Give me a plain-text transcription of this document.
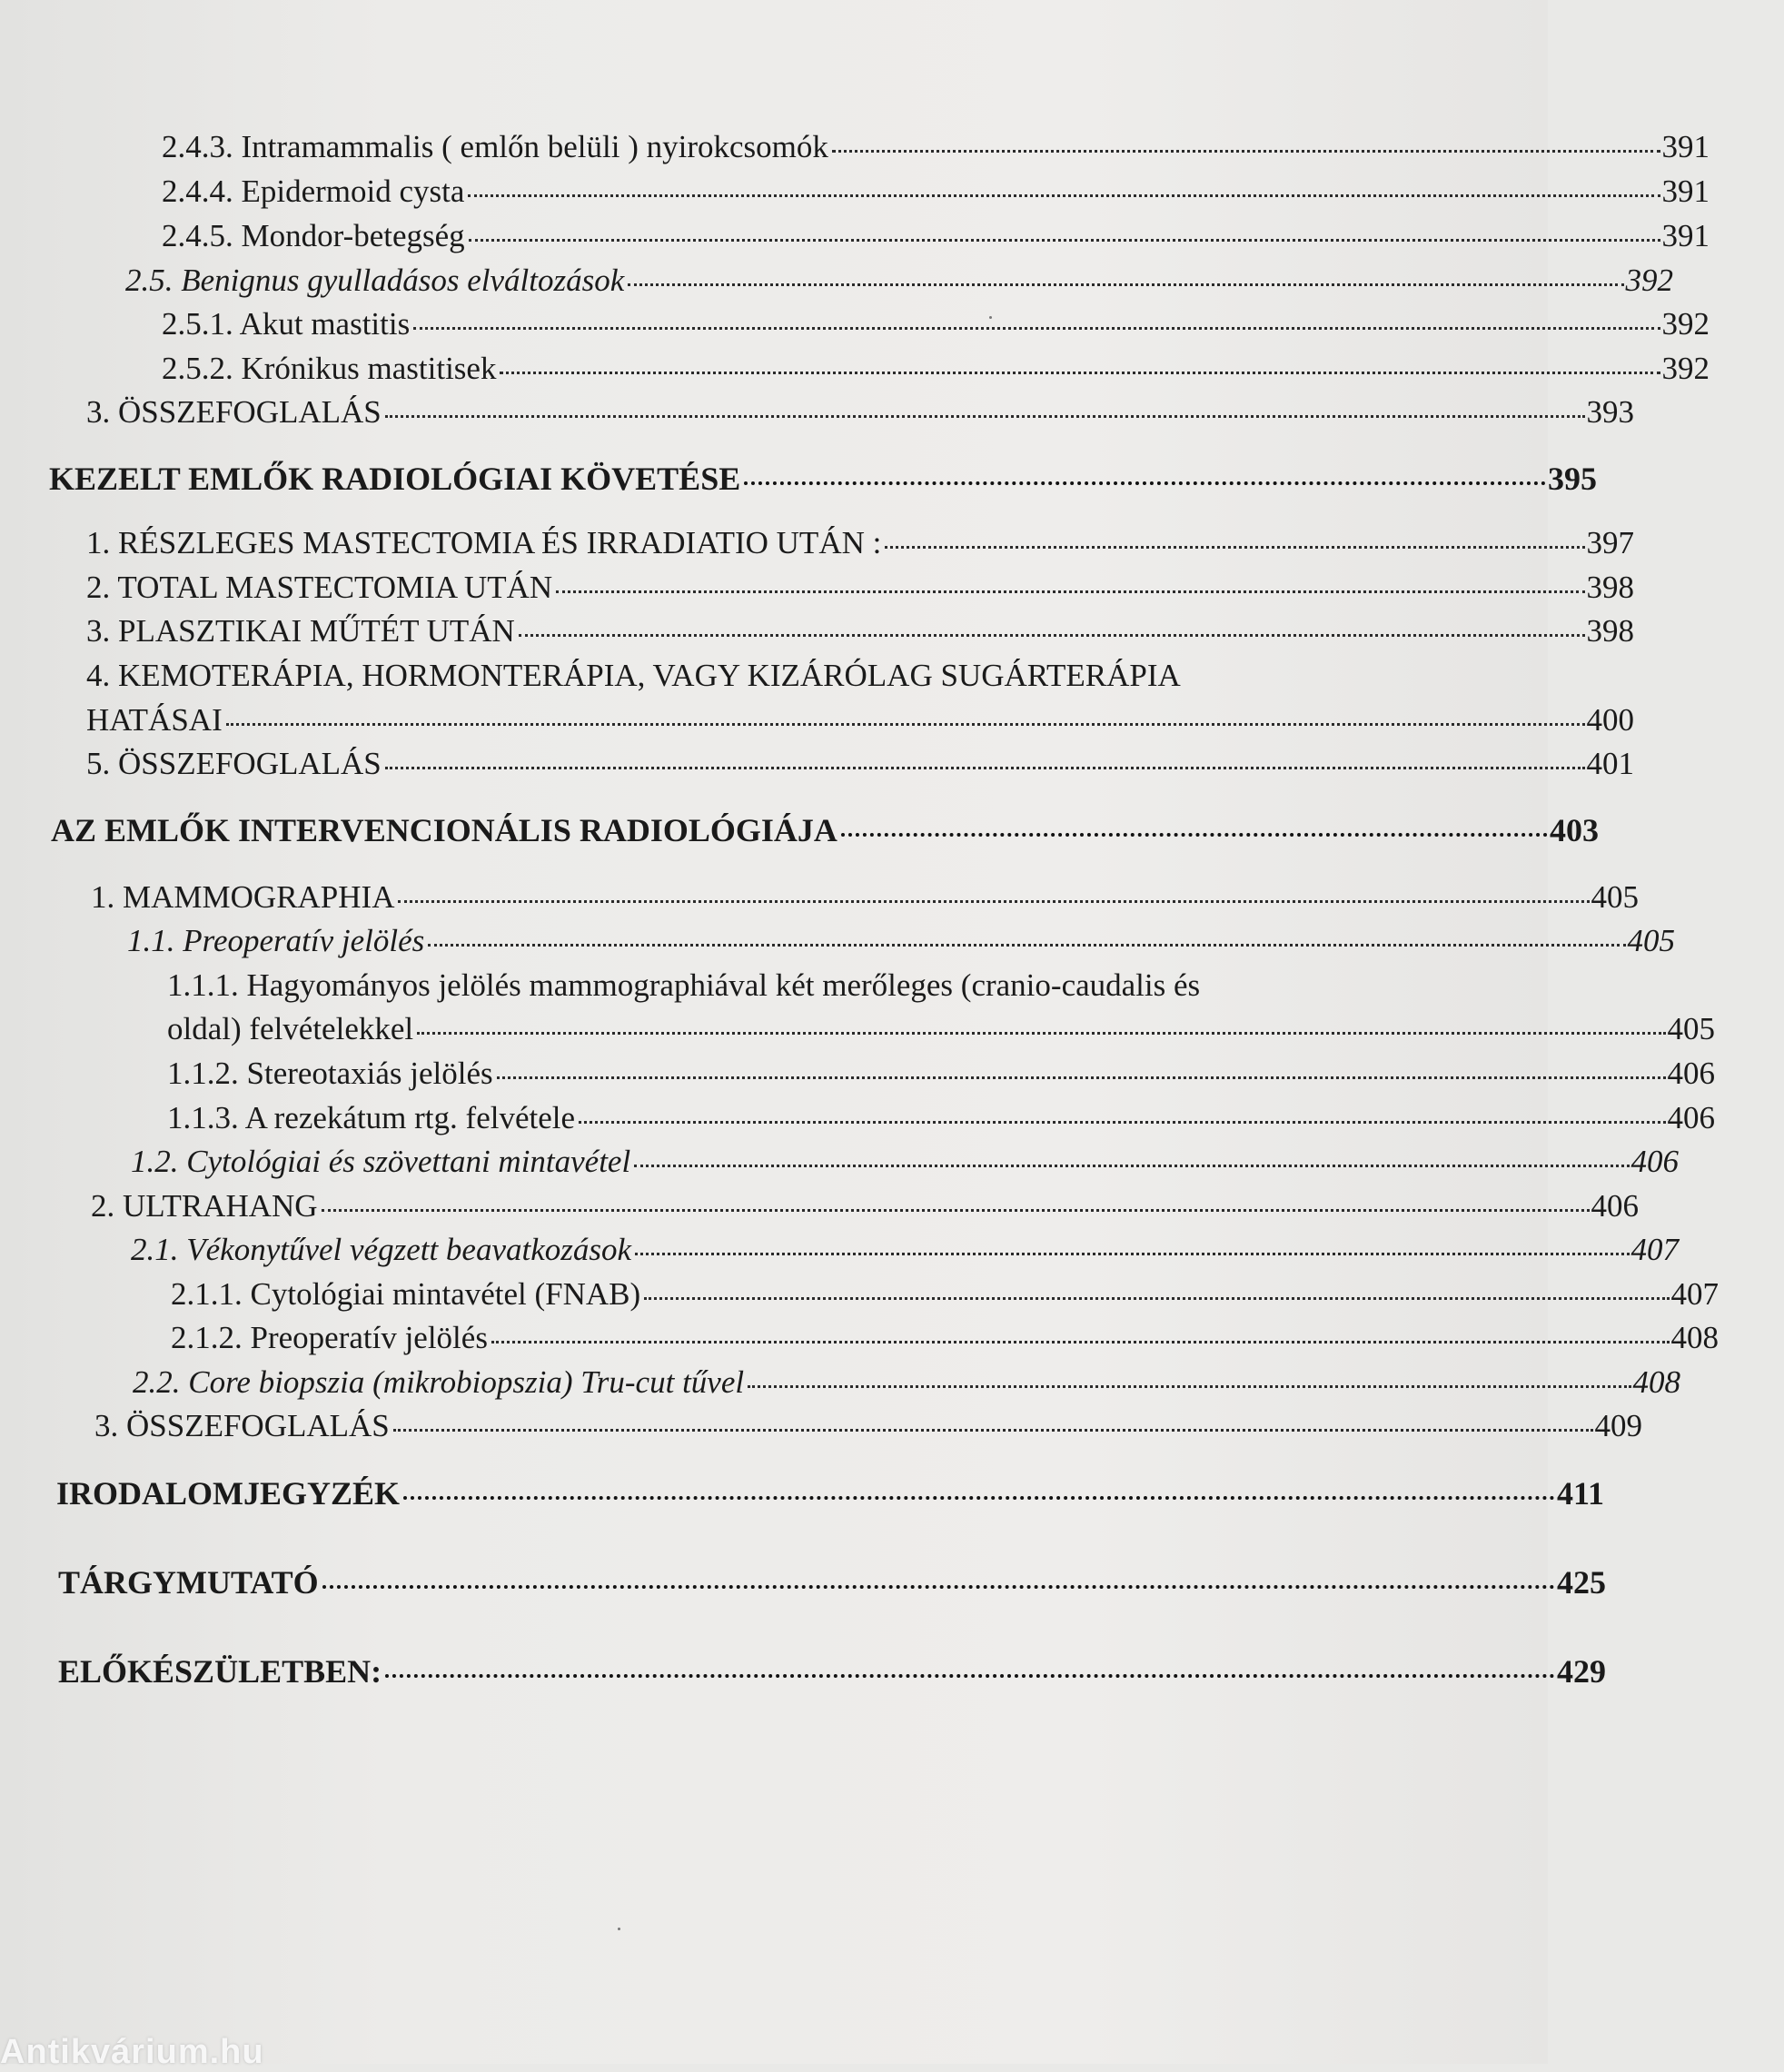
2.4.3. Intramammalis ( emlőn belüli ) nyirokcsomók	391
2.4.4. Epidermoid cysta	391
2.4.5. Mondor-betegség	391
2.5. Benignus gyulladásos elváltozások	392
2.5.1. Akut mastitis	392
2.5.2. Krónikus mastitisek	392
3. ÖSSZEFOGLALÁS	393
KEZELT EMLŐK RADIOLÓGIAI KÖVETÉSE	395
1. RÉSZLEGES MASTECTOMIA ÉS IRRADIATIO UTÁN :	397
2. TOTAL MASTECTOMIA UTÁN	398
3. PLASZTIKAI MŰTÉT UTÁN	398
4. KEMOTERÁPIA, HORMONTERÁPIA, VAGY KIZÁRÓLAG SUGÁRTERÁPIA
HATÁSAI	400
5. ÖSSZEFOGLALÁS	401
AZ EMLŐK INTERVENCIONÁLIS RADIOLÓGIÁJA	403
1. MAMMOGRAPHIA	405
1.1. Preoperatív jelölés	405
1.1.1. Hagyományos jelölés mammographiával két merőleges (cranio-caudalis és
oldal) felvételekkel	405
1.1.2. Stereotaxiás jelölés	406
1.1.3. A rezekátum rtg. felvétele	406
1.2. Cytológiai és szövettani mintavétel	406
2. ULTRAHANG	406
2.1. Vékonytűvel végzett beavatkozások	407
2.1.1. Cytológiai mintavétel (FNAB)	407
2.1.2. Preoperatív jelölés	408
2.2. Core biopszia (mikrobiopszia) Tru-cut tűvel	408
3. ÖSSZEFOGLALÁS	409
IRODALOMJEGYZÉK	411
TÁRGYMUTATÓ	425
ELŐKÉSZÜLETBEN:	429
Antikvárium.hu
